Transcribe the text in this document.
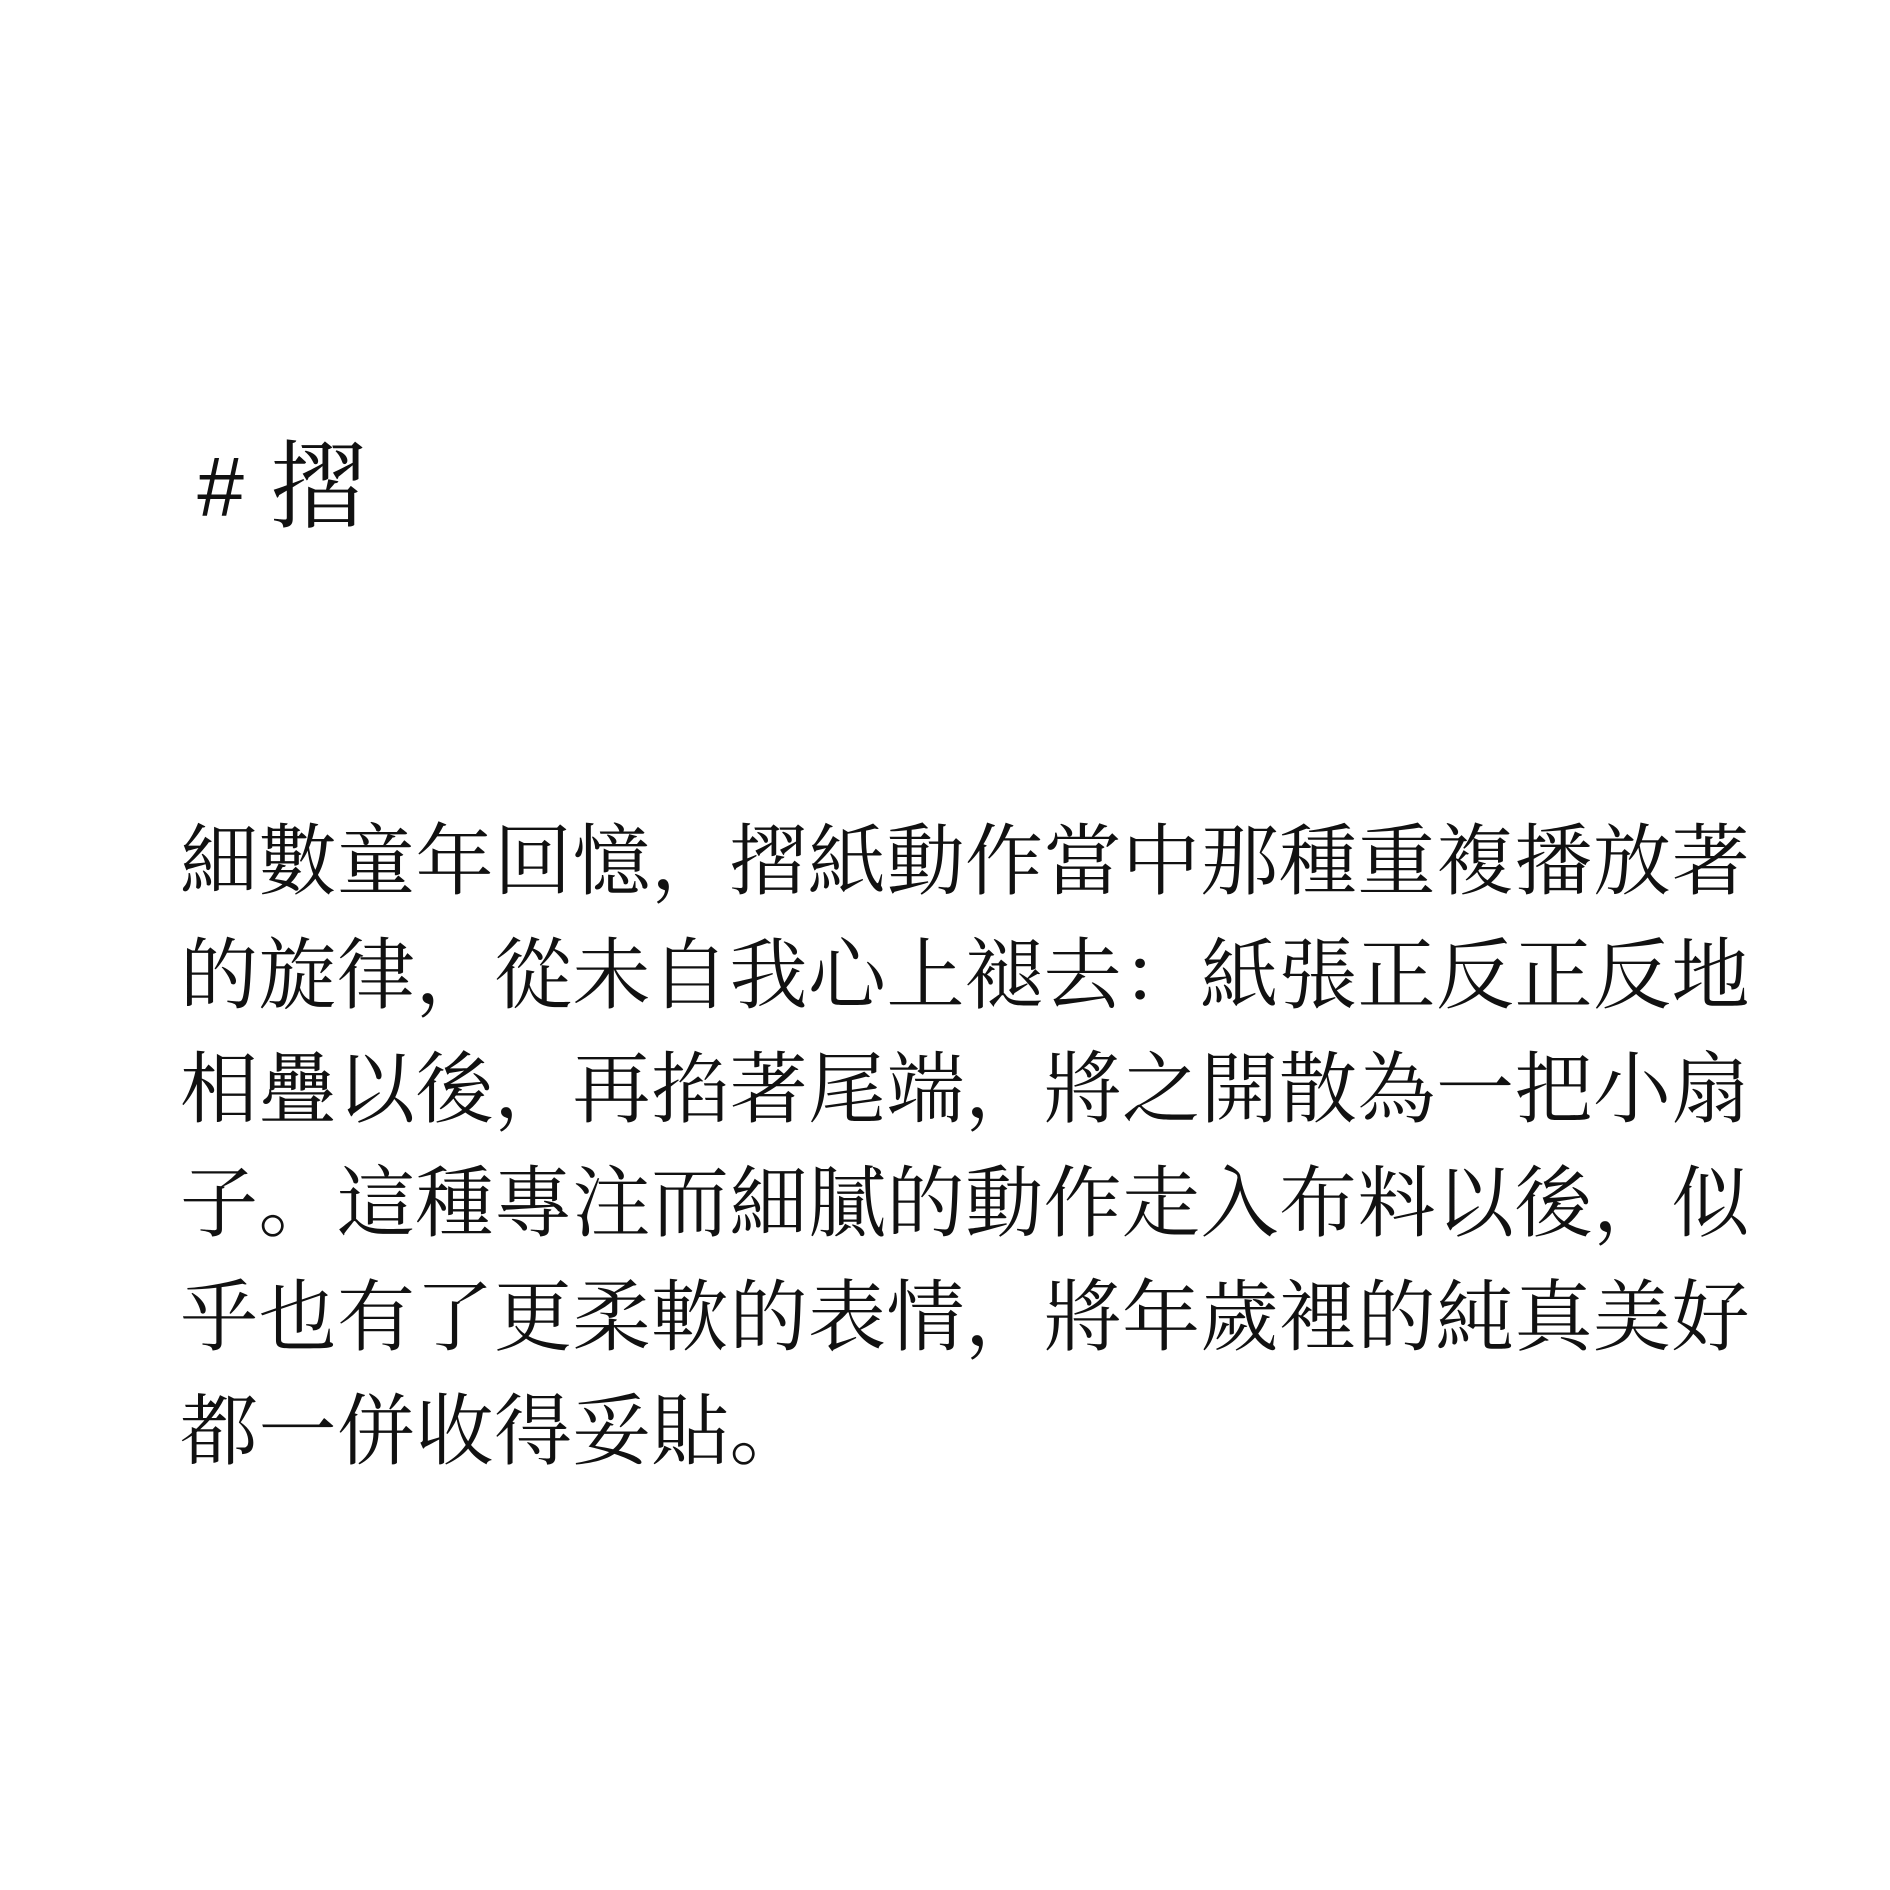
# 摺
細數童年回憶，摺紙動作當中那種重複播放著
的旋律，從未自我心上褪去：紙張正反正反地
相疊以後，再掐著尾端，將之開散為一把小扇
子。這種專注而細膩的動作走入布料以後，似
乎也有了更柔軟的表情，將年歲裡的純真美好
都一併收得妥貼。
